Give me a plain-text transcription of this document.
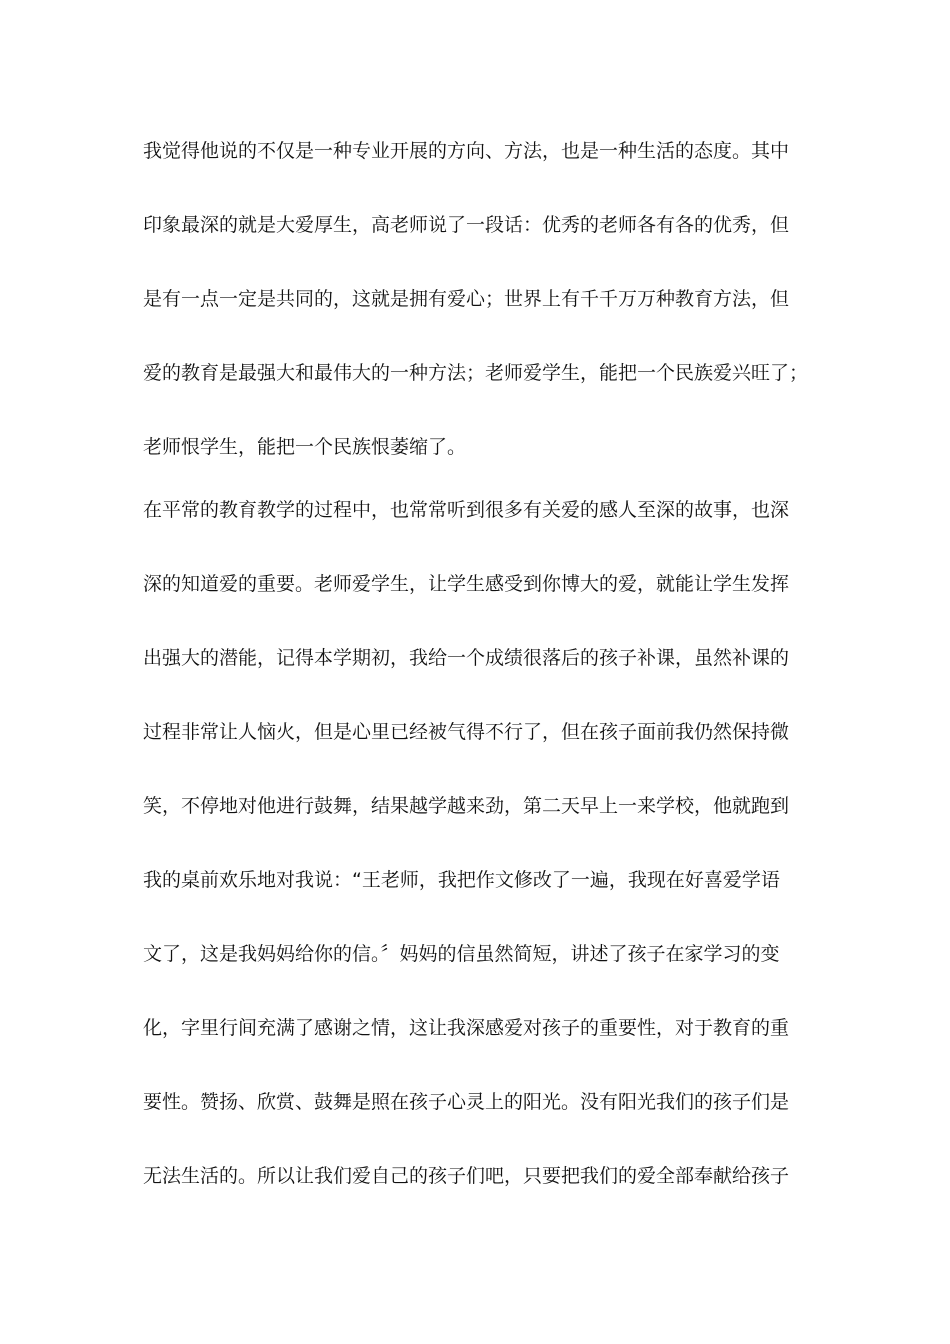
我觉得他说的不仅是一种专业开展的方向、方法，也是一种生活的态度。其中
印象最深的就是大爱厚生，高老师说了一段话：优秀的老师各有各的优秀，但
是有一点一定是共同的，这就是拥有爱心；世界上有千千万万种教育方法，但
爱的教育是最强大和最伟大的一种方法；老师爱学生，能把一个民族爱兴旺了；
老师恨学生，能把一个民族恨萎缩了。
在平常的教育教学的过程中，也常常听到很多有关爱的感人至深的故事，也深
深的知道爱的重要。老师爱学生，让学生感受到你博大的爱，就能让学生发挥
出强大的潜能，记得本学期初，我给一个成绩很落后的孩子补课，虽然补课的
过程非常让人恼火，但是心里已经被气得不行了，但在孩子面前我仍然保持微
笑，不停地对他进行鼓舞，结果越学越来劲，第二天早上一来学校，他就跑到
我的桌前欢乐地对我说：“王老师，我把作文修改了一遍，我现在好喜爱学语
文了，这是我妈妈给你的信。〞妈妈的信虽然简短，讲述了孩子在家学习的变
化，字里行间充满了感谢之情，这让我深感爱对孩子的重要性，对于教育的重
要性。赞扬、欣赏、鼓舞是照在孩子心灵上的阳光。没有阳光我们的孩子们是
无法生活的。所以让我们爱自己的孩子们吧，只要把我们的爱全部奉献给孩子
